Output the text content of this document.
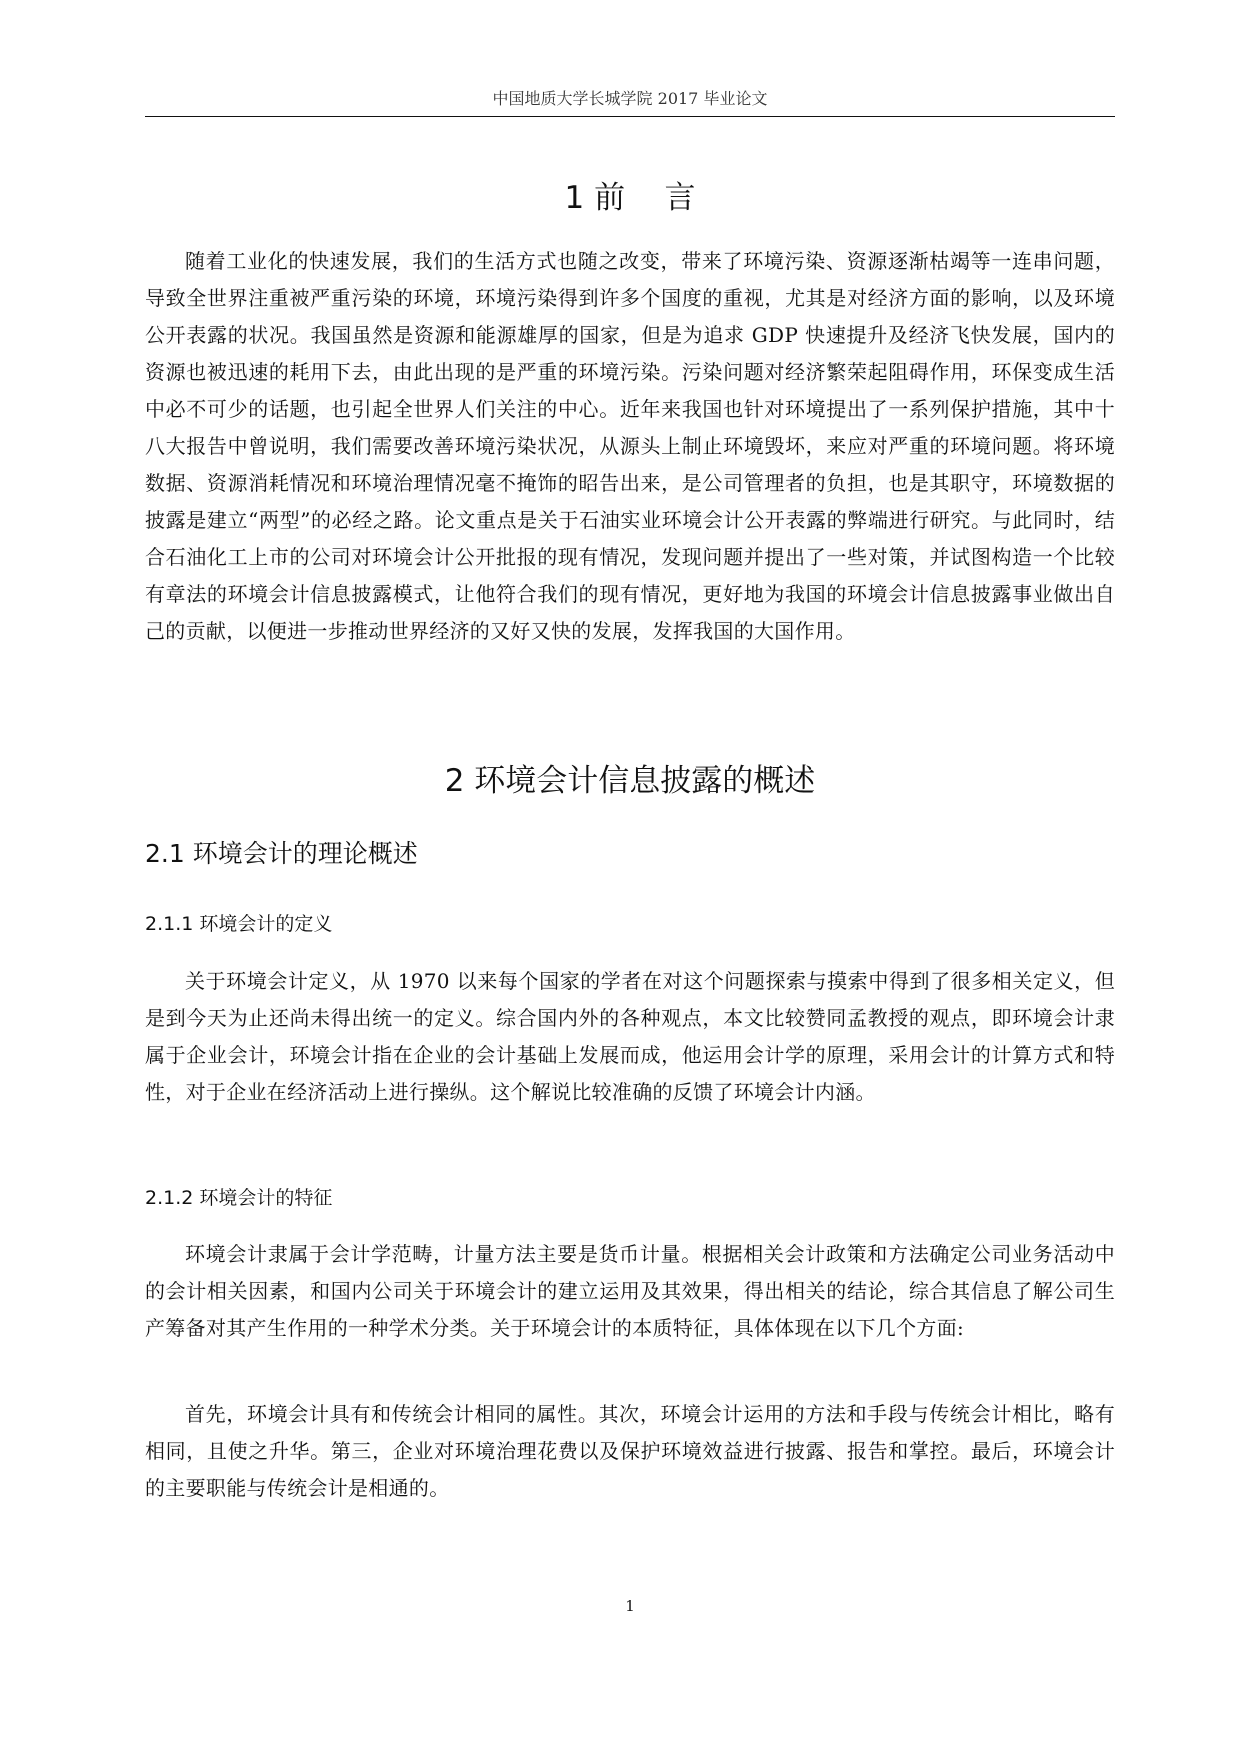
中国地质大学长城学院 2017 毕业论文
1 前    言

随着工业化的快速发展，我们的生活方式也随之改变，带来了环境污染、资源逐渐枯竭等一连串问题，导致全世界注重被严重污染的环境，环境污染得到许多个国度的重视，尤其是对经济方面的影响，以及环境公开表露的状况。我国虽然是资源和能源雄厚的国家，但是为追求 GDP 快速提升及经济飞快发展，国内的资源也被迅速的耗用下去，由此出现的是严重的环境污染。污染问题对经济繁荣起阻碍作用，环保变成生活中必不可少的话题，也引起全世界人们关注的中心。近年来我国也针对环境提出了一系列保护措施，其中十八大报告中曾说明，我们需要改善环境污染状况，从源头上制止环境毁坏，来应对严重的环境问题。将环境数据、资源消耗情况和环境治理情况毫不掩饰的昭告出来，是公司管理者的负担，也是其职守，环境数据的披露是建立“两型”的必经之路。论文重点是关于石油实业环境会计公开表露的弊端进行研究。与此同时，结合石油化工上市的公司对环境会计公开批报的现有情况，发现问题并提出了一些对策，并试图构造一个比较有章法的环境会计信息披露模式，让他符合我们的现有情况，更好地为我国的环境会计信息披露事业做出自己的贡献，以便进一步推动世界经济的又好又快的发展，发挥我国的大国作用。

2 环境会计信息披露的概述
2.1 环境会计的理论概述
2.1.1 环境会计的定义

关于环境会计定义，从 1970 以来每个国家的学者在对这个问题探索与摸索中得到了很多相关定义，但是到今天为止还尚未得出统一的定义。综合国内外的各种观点，本文比较赞同孟教授的观点，即环境会计隶属于企业会计，环境会计指在企业的会计基础上发展而成，他运用会计学的原理，采用会计的计算方式和特性，对于企业在经济活动上进行操纵。这个解说比较准确的反馈了环境会计内涵。

2.1.2 环境会计的特征

环境会计隶属于会计学范畴，计量方法主要是货币计量。根据相关会计政策和方法确定公司业务活动中的会计相关因素，和国内公司关于环境会计的建立运用及其效果，得出相关的结论，综合其信息了解公司生产筹备对其产生作用的一种学术分类。关于环境会计的本质特征，具体体现在以下几个方面:

首先，环境会计具有和传统会计相同的属性。其次，环境会计运用的方法和手段与传统会计相比，略有相同，且使之升华。第三，企业对环境治理花费以及保护环境效益进行披露、报告和掌控。最后，环境会计的主要职能与传统会计是相通的。

1
